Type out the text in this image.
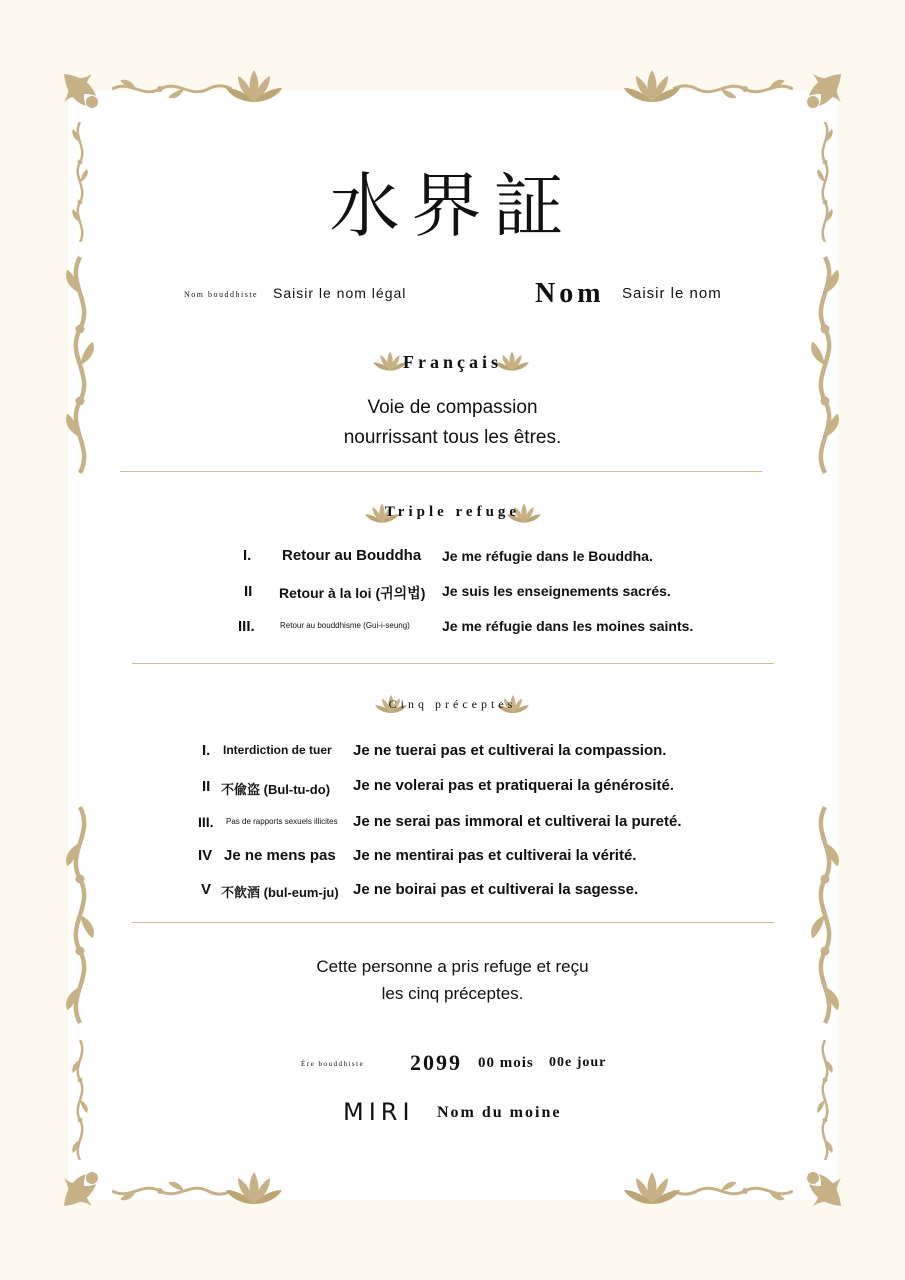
水界証
Nom bouddhiste Saisir le nom légal	Nom Saisir le nom
Français
Voie de compassion
nourrissant tous les êtres.
Triple refuge
I. Retour au Bouddha Je me réfugie dans le Bouddha.
II Retour à la loi (귀의법) Je suis les enseignements sacrés.
III.	Retour au bouddhisme (Gui-i-seung) Je me réfugie dans les moines saints.
Cinq préceptes
I. Interdiction de tuer Je ne tuerai pas et cultiverai la compassion.
II 不偸盗 (Bul-tu-do) Je ne volerai pas et pratiquerai la générosité.
III. Pas de rapports sexuels illicites Je ne serai pas immoral et cultiverai la pureté.
IV Je ne mens pas Je ne mentirai pas et cultiverai la vérité.
V 不飮酒 (bul-eum-ju) Je ne boirai pas et cultiverai la sagesse.
Cette personne a pris refuge et reçu
les cinq préceptes.
Ère bouddhiste 2099 00 mois 00e jour
MIRI Nom du moine
